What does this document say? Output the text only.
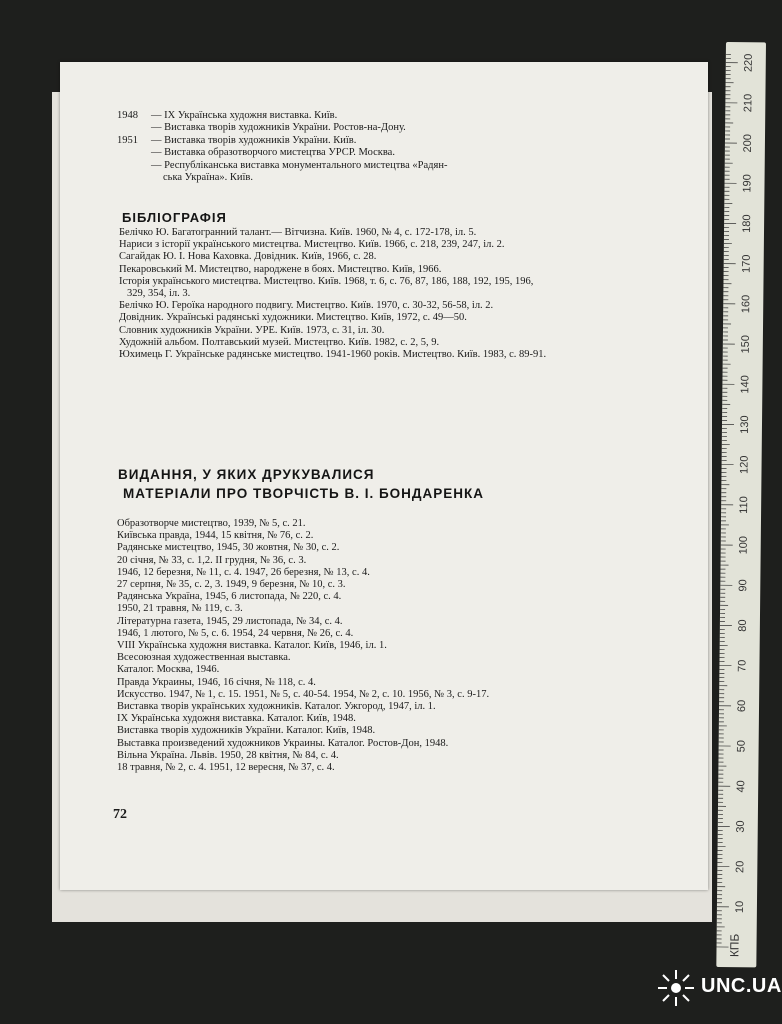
1948 — IX Українська художня виставка. Київ.
— Виставка творів художників України. Ростов-на-Дону.
1951 — Виставка творів художників України. Київ.
— Виставка образотворчого мистецтва УРСР. Москва.
— Республіканська виставка монументального мистецтва «Радян-
ська Україна». Київ.
БІБЛІОГРАФІЯ
Белічко Ю. Багатогранний талант.— Вітчизна. Київ. 1960, № 4, с. 172-178, іл. 5.
Нариси з історії українського мистецтва. Мистецтво. Київ. 1966, с. 218, 239, 247, іл. 2.
Сагайдак Ю. І. Нова Каховка. Довідник. Київ, 1966, с. 28.
Пекаровський М. Мистецтво, народжене в боях. Мистецтво. Київ, 1966.
Історія українського мистецтва. Мистецтво. Київ. 1968, т. 6, с. 76, 87, 186, 188, 192, 195, 196, 329, 354, іл. 3.
Белічко Ю. Героїка народного подвигу. Мистецтво. Київ. 1970, с. 30-32, 56-58, іл. 2.
Довідник. Українські радянські художники. Мистецтво. Київ, 1972, с. 49—50.
Словник художників України. УРЕ. Київ. 1973, с. 31, іл. 30.
Художній альбом. Полтавський музей. Мистецтво. Київ. 1982, с. 2, 5, 9.
Юхимець Г. Українське радянське мистецтво. 1941-1960 років. Мистецтво. Київ. 1983, с. 89-91.
ВИДАННЯ, У ЯКИХ ДРУКУВАЛИСЯ
МАТЕРІАЛИ ПРО ТВОРЧІСТЬ В. І. БОНДАРЕНКА
Образотворче мистецтво, 1939, № 5, с. 21.
Київська правда, 1944, 15 квітня, № 76, с. 2.
Радянське мистецтво, 1945, 30 жовтня, № 30, с. 2.
20 січня, № 33, с. 1,2. II грудня, № 36, с. 3.
1946, 12 березня, № 11, с. 4. 1947, 26 березня, № 13, с. 4.
27 серпня, № 35, с. 2, 3. 1949, 9 березня, № 10, с. 3.
Радянська Україна, 1945, 6 листопада, № 220, с. 4.
1950, 21 травня, № 119, с. 3.
Літературна газета, 1945, 29 листопада, № 34, с. 4.
1946, 1 лютого, № 5, с. 6. 1954, 24 червня, № 26, с. 4.
VIII Українська художня виставка. Каталог. Київ, 1946, іл. 1.
Всесоюзная художественная выставка.
Каталог. Москва, 1946.
Правда Украины, 1946, 16 січня, № 118, с. 4.
Искусство. 1947, № 1, с. 15. 1951, № 5, с. 40-54. 1954, № 2, с. 10. 1956, № 3, с. 9-17.
Виставка творів українських художників. Каталог. Ужгород, 1947, іл. 1.
IX Українська художня виставка. Каталог. Київ, 1948.
Виставка творів художників України. Каталог. Київ, 1948.
Выставка произведений художников Украины. Каталог. Ростов-Дон, 1948.
Вільна Україна. Львів. 1950, 28 квітня, № 84, с. 4.
18 травня, № 2, с. 4. 1951, 12 вересня, № 37, с. 4.
72
10
20
30
40
50
60
70
80
90
100
110
120
130
140
150
160
170
180
190
200
210
220
КПБ
UNC.UA
